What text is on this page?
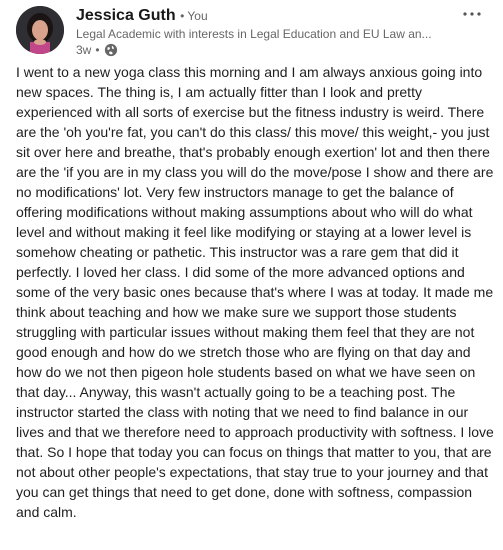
Jessica Guth • You
Legal Academic with interests in Legal Education and EU Law an...
3w •
I went to a new yoga class this morning and I am always anxious going into new spaces. The thing is, I am actually fitter than I look and pretty experienced with all sorts of exercise but the fitness industry is weird. There are the 'oh you're fat, you can't do this class/ this move/ this weight,- you just sit over here and breathe, that's probably enough exertion' lot and then there are the 'if you are in my class you will do the move/pose I show and there are no modifications' lot. Very few instructors manage to get the balance of offering modifications without making assumptions about who will do what level and without making it feel like modifying or staying at a lower level is somehow cheating or pathetic. This instructor was a rare gem that did it perfectly. I loved her class. I did some of the more advanced options and some of the very basic ones because that's where I was at today. It made me think about teaching and how we make sure we support those students struggling with particular issues without making them feel that they are not good enough and how do we stretch those who are flying on that day and how do we not then pigeon hole students based on what we have seen on that day... Anyway, this wasn't actually going to be a teaching post. The instructor started the class with noting that we need to find balance in our lives and that we therefore need to approach productivity with softness. I love that. So I hope that today you can focus on things that matter to you, that are not about other people's expectations, that stay true to your journey and that you can get things that need to get done, done with softness, compassion and calm.
